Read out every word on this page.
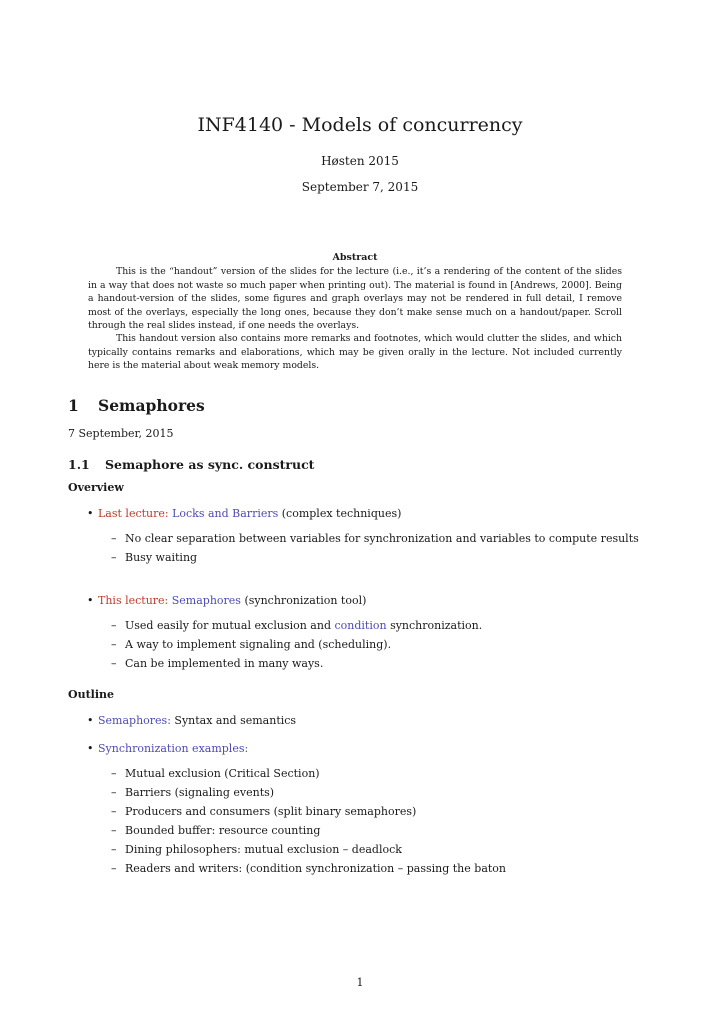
INF4140 - Models of concurrency
Høsten 2015
September 7, 2015
Abstract

This is the “handout” version of the slides for the lecture (i.e., it’s a rendering of the content of the slides in a way that does not waste so much paper when printing out). The material is found in [Andrews, 2000]. Being a handout-version of the slides, some figures and graph overlays may not be rendered in full detail, I remove most of the overlays, especially the long ones, because they don’t make sense much on a handout/paper. Scroll through the real slides instead, if one needs the overlays.

This handout version also contains more remarks and footnotes, which would clutter the slides, and which typically contains remarks and elaborations, which may be given orally in the lecture. Not included currently here is the material about weak memory models.

1 Semaphores
7 September, 2015
1.1 Semaphore as sync. construct
Overview
• Last lecture: Locks and Barriers (complex techniques)
– No clear separation between variables for synchronization and variables to compute results
– Busy waiting
• This lecture: Semaphores (synchronization tool)
– Used easily for mutual exclusion and condition synchronization.
– A way to implement signaling and (scheduling).
– Can be implemented in many ways.
Outline
• Semaphores: Syntax and semantics
• Synchronization examples:
– Mutual exclusion (Critical Section)
– Barriers (signaling events)
– Producers and consumers (split binary semaphores)
– Bounded buffer: resource counting
– Dining philosophers: mutual exclusion – deadlock
– Readers and writers: (condition synchronization – passing the baton
1
